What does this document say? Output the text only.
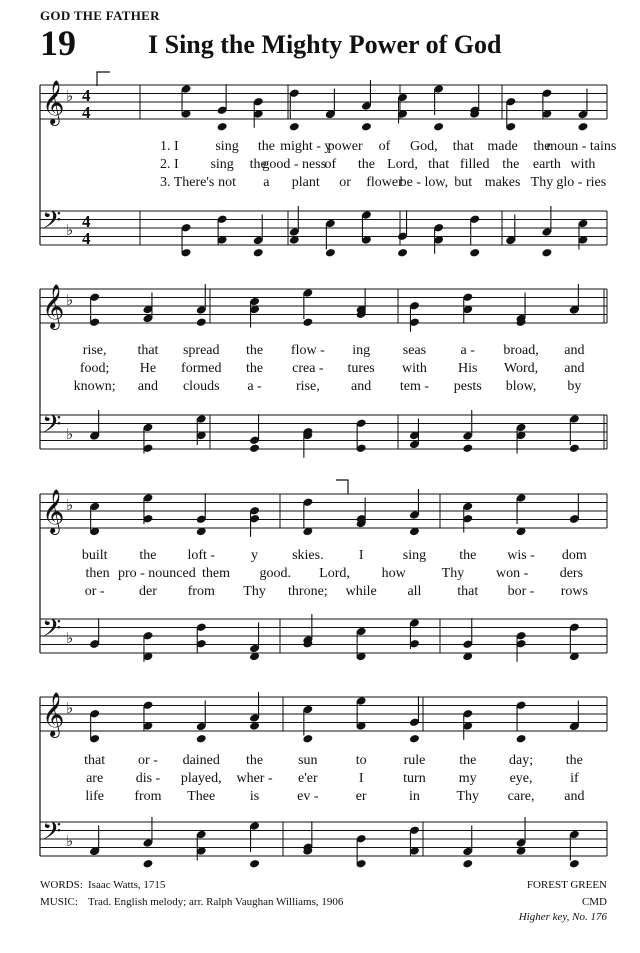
GOD THE FATHER
19	I Sing the Mighty Power of God
𝄞
𝄢
♭
♭
4
4
4
4
1. I	sing the might - y
power of God, that made the
moun - tains
2. I sing the
good - ness
of the Lord, that filled the earth with
3. There's not a plant or flower
be - low, but makes Thy glo - ries
𝄞
𝄢
♭
♭
rise, that spread the flow - ing seas a - broad, and
food; He formed the crea - tures with His Word, and
known; and clouds a - rise, and tem - pests blow, by
𝄞
𝄢
♭
♭
built the loft -	y skies.	I	sing the wis - dom
then pro - nounced them good. Lord, how	Thy won - ders
or - der from Thy throne; while all	that bor - rows
𝄞
𝄢
♭
♭
that or - dained the	sun	to	rule the day; the
are dis - played, wher - e'er	I	turn my eye,	if
life from Thee is	ev -	er	in	Thy care, and
WORDS: Isaac Watts, 1715
MUSIC: Trad. English melody; arr. Ralph Vaughan Williams, 1906
FOREST GREEN
CMD
Higher key, No. 176
